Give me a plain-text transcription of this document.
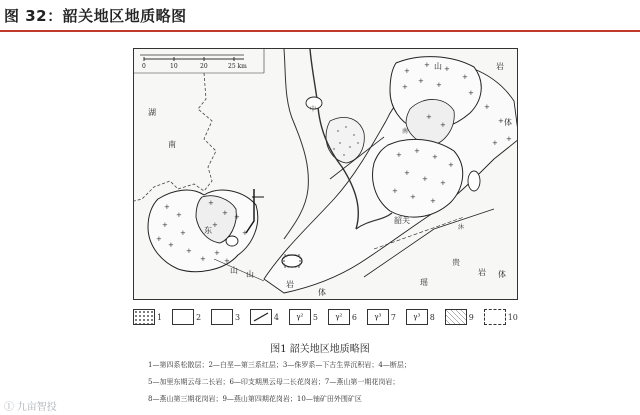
图 32：韶关地区地质略图
0	10	20	25 km
+
+
+
+
+
+
+
+
+
+
+
+
+
+
+
+
+ +
+
+
+
+ +
+
+
+ +
+
+
+
+ +
+
+ +
+
+
+
+
湖
南
山	岩
体
韶关
东
山
岩
体
岩 体
瑶
贵
山
沐
中
南
1	2	3	4	γ²	5	γ²	6	γ³	7	γ³	8	9	10
图1 韶关地区地质略图
1—第四系松散层；2—白垩—第三系红层；3—侏罗系—下古生界沉积岩；4—断层；
5—加里东期云母二长岩；6—印支期黑云母二长花岗岩；7—燕山第一期花岗岩；
8—燕山第三期花岗岩；9—燕山第四期花岗岩；10—铀矿田外围矿区
① 九亩智投
